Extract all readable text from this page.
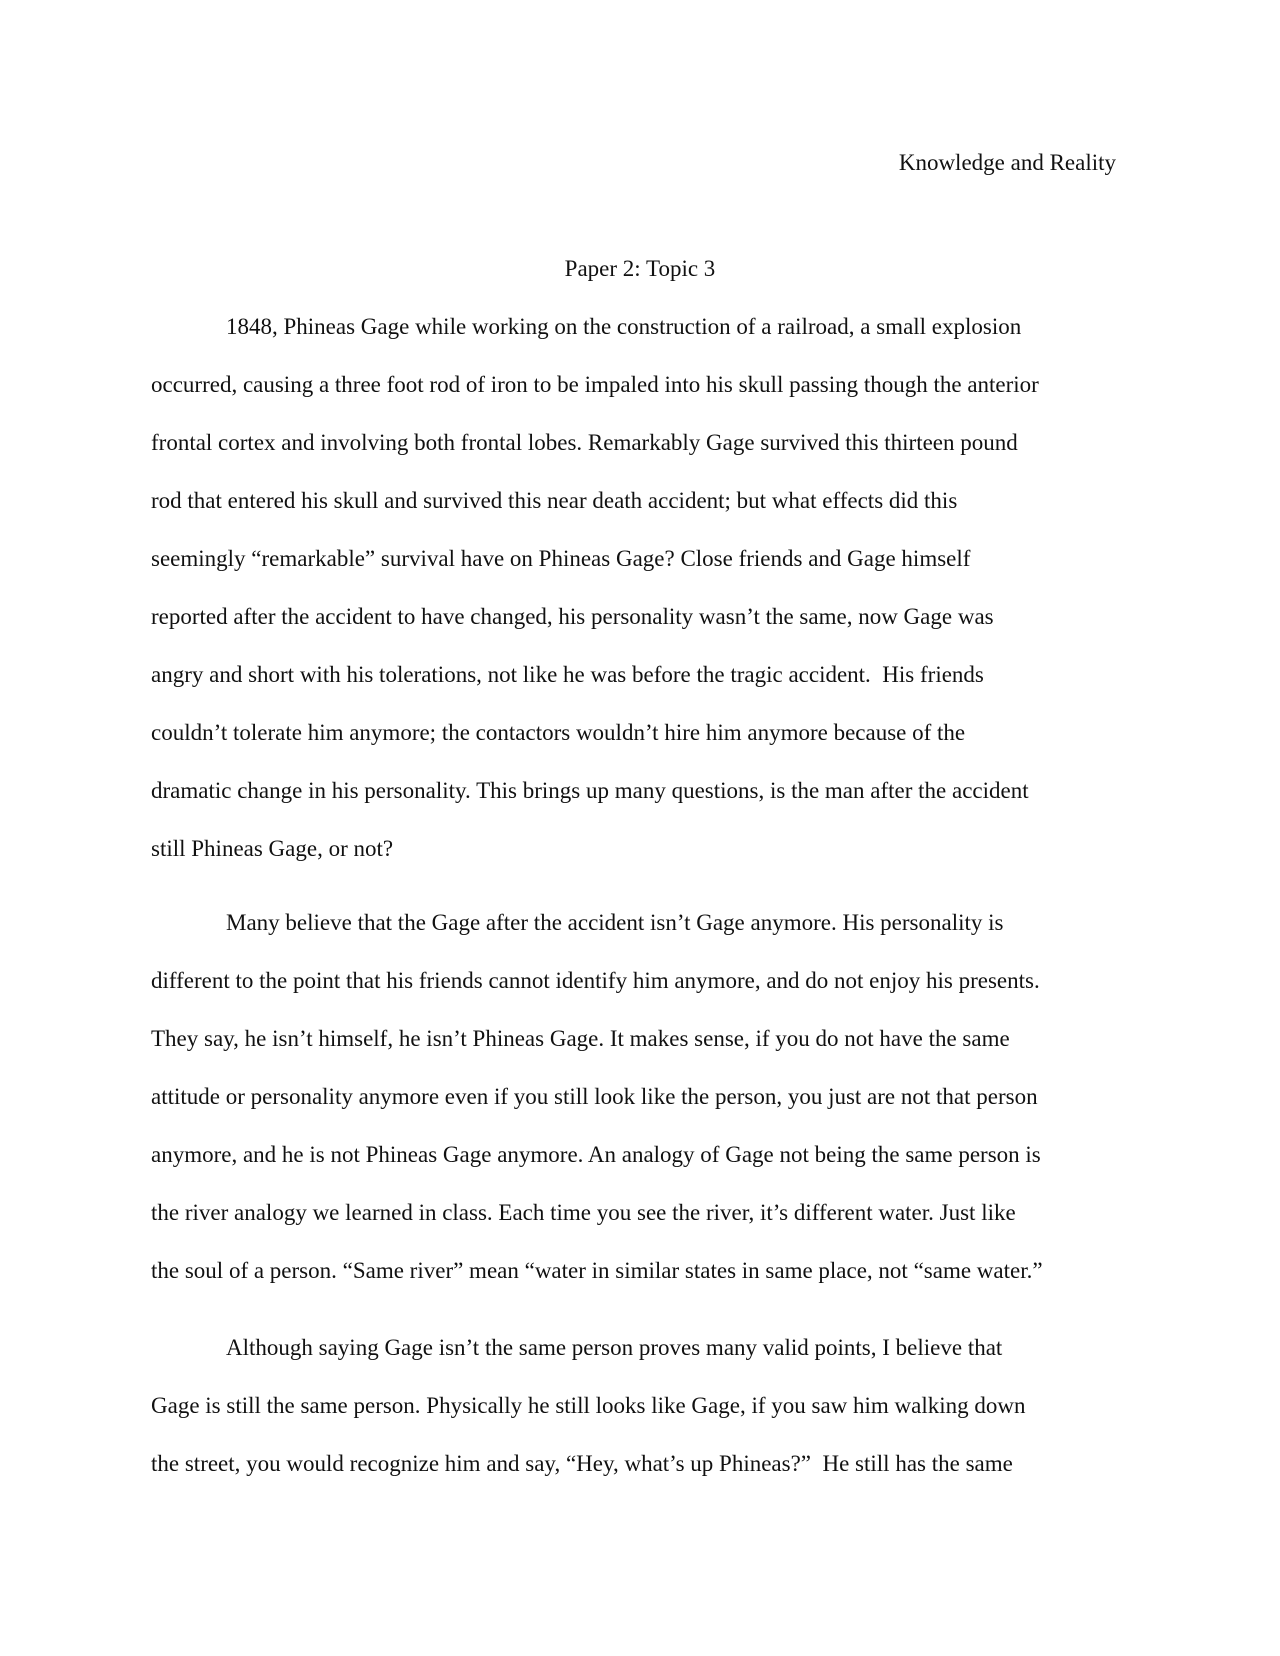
Knowledge and Reality
Paper 2: Topic 3
1848, Phineas Gage while working on the construction of a railroad, a small explosion
occurred, causing a three foot rod of iron to be impaled into his skull passing though the anterior
frontal cortex and involving both frontal lobes. Remarkably Gage survived this thirteen pound
rod that entered his skull and survived this near death accident; but what effects did this
seemingly “remarkable” survival have on Phineas Gage? Close friends and Gage himself
reported after the accident to have changed, his personality wasn’t the same, now Gage was
angry and short with his tolerations, not like he was before the tragic accident.  His friends
couldn’t tolerate him anymore; the contactors wouldn’t hire him anymore because of the
dramatic change in his personality. This brings up many questions, is the man after the accident
still Phineas Gage, or not?
Many believe that the Gage after the accident isn’t Gage anymore. His personality is
different to the point that his friends cannot identify him anymore, and do not enjoy his presents.
They say, he isn’t himself, he isn’t Phineas Gage. It makes sense, if you do not have the same
attitude or personality anymore even if you still look like the person, you just are not that person
anymore, and he is not Phineas Gage anymore. An analogy of Gage not being the same person is
the river analogy we learned in class. Each time you see the river, it’s different water. Just like
the soul of a person. “Same river” mean “water in similar states in same place, not “same water.”
Although saying Gage isn’t the same person proves many valid points, I believe that
Gage is still the same person. Physically he still looks like Gage, if you saw him walking down
the street, you would recognize him and say, “Hey, what’s up Phineas?”  He still has the same
